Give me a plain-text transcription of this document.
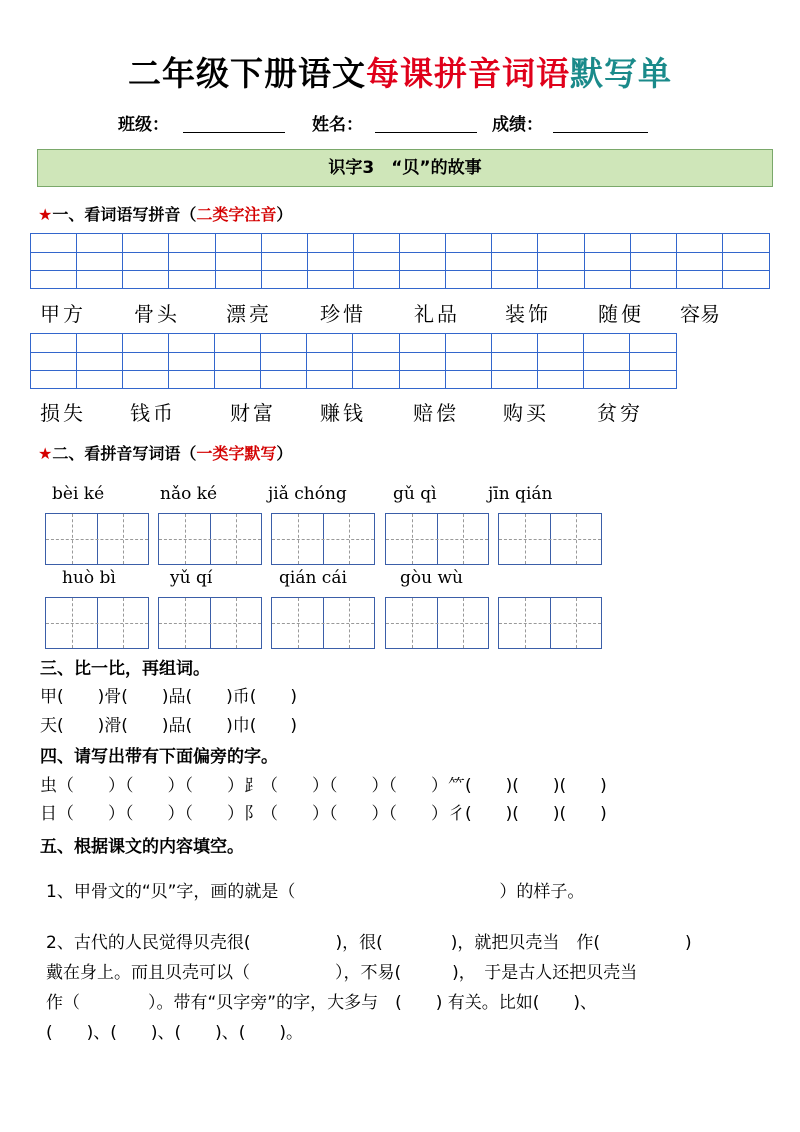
二年级下册语文每课拼音词语默写单
班级：	姓名：	成绩：
识字3　“贝”的故事
★一、看词语写拼音（二类字注音）
甲方 骨头 漂亮 珍惜 礼品 装饰 随便 容易
损失 钱币	财富 赚钱 赔偿 购买 贫穷
★二、看拼音写词语（一类字默写）
bèi ké	nǎo ké	jiǎ chóng	gǔ qì	jīn qián
huò bì	yǔ qí	qián cái	gòu wù
三、比一比，再组词。
甲(　　)骨(　　)品(　　)币(　　)
天(　　)滑(　　)品(　　)巾(　　)
四、请写出带有下面偏旁的字。
虫（　　）（　　）（　　）⻊（　　）（　　）（　　）⺮(　　)(　　)(　　)
日（　　）（　　）（　　）阝（　　）（　　）（　　）彳(　　)(　　)(　　)
五、根据课文的内容填空。
1、甲骨文的“贝”字，画的就是（　　　　　　　　　　　　）的样子。
2、古代的人民觉得贝壳很(　　　　　)，很(　　　　)，就把贝壳当　作(　　　　　)
戴在身上。而且贝壳可以（　　　　　），不易(　　　)，　于是古人还把贝壳当
作（　　　　）。带有“贝字旁”的字，大多与　(　　) 有关。比如(　　)、
(　　)、(　　)、(　　)、(　　)。
